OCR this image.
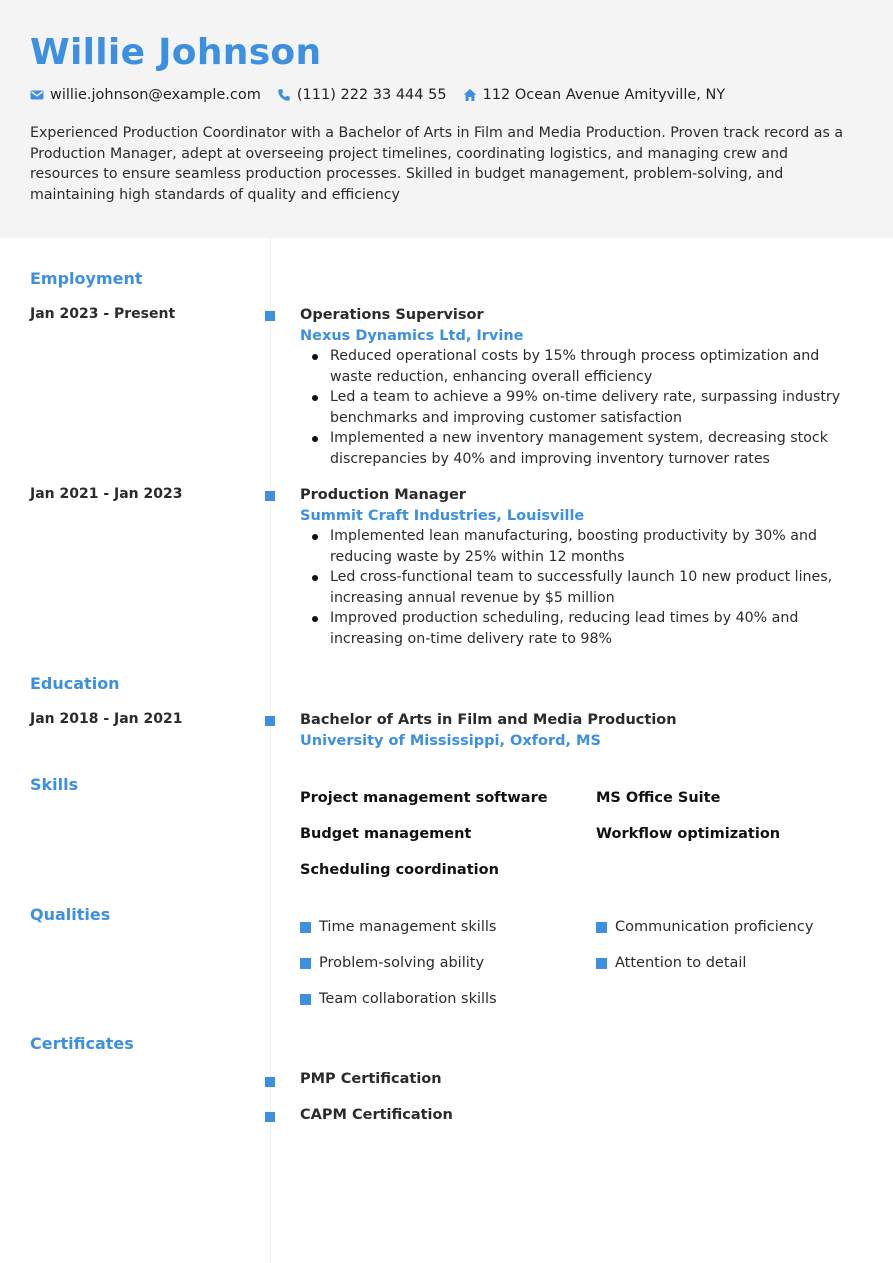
Willie Johnson
willie.johnson@example.com (111) 222 33 444 55 112 Ocean Avenue Amityville, NY
Experienced Production Coordinator with a Bachelor of Arts in Film and Media Production. Proven track record as a Production Manager, adept at overseeing project timelines, coordinating logistics, and managing crew and resources to ensure seamless production processes. Skilled in budget management, problem-solving, and maintaining high standards of quality and efficiency
Employment
Jan 2023 - Present	Operations Supervisor
Nexus Dynamics Ltd, Irvine
Reduced operational costs by 15% through process optimization and waste reduction, enhancing overall efficiency
Led a team to achieve a 99% on-time delivery rate, surpassing industry benchmarks and improving customer satisfaction
Implemented a new inventory management system, decreasing stock discrepancies by 40% and improving inventory turnover rates
Jan 2021 - Jan 2023	Production Manager
Summit Craft Industries, Louisville
Implemented lean manufacturing, boosting productivity by 30% and reducing waste by 25% within 12 months
Led cross-functional team to successfully launch 10 new product lines, increasing annual revenue by $5 million
Improved production scheduling, reducing lead times by 40% and increasing on-time delivery rate to 98%
Education
Jan 2018 - Jan 2021	Bachelor of Arts in Film and Media Production
University of Mississippi, Oxford, MS
Skills
Project management software	MS Office Suite
Budget management	Workflow optimization
Scheduling coordination
Qualities
Time management skills	Communication proficiency
Problem-solving ability	Attention to detail
Team collaboration skills
Certificates
PMP Certification
CAPM Certification
